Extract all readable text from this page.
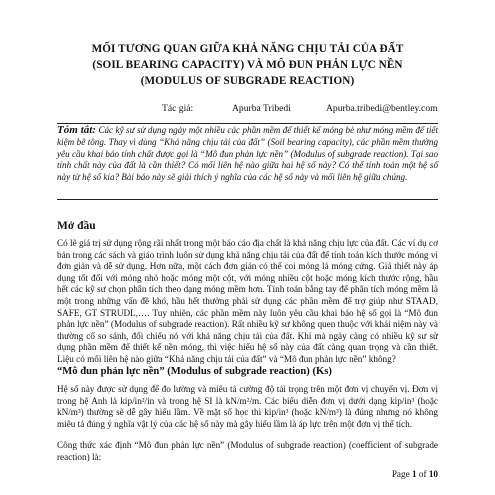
MỐI TƯƠNG QUAN GIỮA KHẢ NĂNG CHỊU TẢI CỦA ĐẤT
(SOIL BEARING CAPACITY) VÀ MÔ ĐUN PHẢN LỰC NỀN
(MODULUS OF SUBGRADE REACTION)
Tác giả:	Apurba Tribedi	Apurba.tribedi@bentley.com
Tóm tắt: Các kỹ sư sử dụng ngày một nhiều các phần mềm để thiết kế móng bè như móng mềm để tiết kiệm bê tông. Thay vì dùng “Khả năng chịu tải của đất” (Soil bearing capacity), các phần mềm thường yêu cầu khai báo tính chất được gọi là “Mô đun phản lực nền” (Modulus of subgrade reaction). Tại sao tính chất này của đất là cần thiết? Có mối liên hệ nào giữa hai hệ số này? Có thể tính toán một hệ số này từ hệ số kia? Bài báo này sẽ giải thích ý nghĩa của các hệ số này và mối liên hệ giữa chúng.
Mở đầu
Có lẽ giá trị sử dụng rộng rãi nhất trong một báo cáo địa chất là khả năng chịu lực của đất. Các ví dụ cơ bản trong các sách và giáo trình luôn sử dụng khả năng chịu tải của đất để tính toán kích thước móng vì đơn giản và dễ sử dụng. Hơn nữa, một cách đơn giản có thể coi móng là móng cứng. Giả thiết này áp dụng tốt đối với móng nhỏ hoặc móng một cột, với móng nhiều cột hoặc móng kích thước rộng, hầu hết các kỹ sư chọn phân tích theo dạng móng mềm hơn. Tính toán bằng tay để phân tích móng mềm là một trong những vấn đề khó, hầu hết thường phải sử dụng các phần mềm để trợ giúp như STAAD, SAFE, GT STRUDL,…. Tuy nhiên, các phần mềm này luôn yêu cầu khai báo hệ số gọi là “Mô đun phản lực nền” (Modulus of subgrade reaction). Rất nhiều kỹ sư không quen thuộc với khái niệm này và thường cố so sánh, đối chiếu nó với khả năng chịu tải của đất. Khi mà ngày càng có nhiều kỹ sư sử dụng phần mềm để thiết kế nền móng, thì việc hiểu hệ số này của đất càng quan trọng và cần thiết. Liệu có mối liên hệ nào giữa “Khả năng chịu tải của đất” và “Mô đun phản lực nền” không?
“Mô đun phản lực nền” (Modulus of subgrade reaction) (Ks)
Hệ số này được sử dụng để đo lường và miêu tả cường độ tải trọng trên một đơn vị chuyển vị. Đơn vị trong hệ Anh là kip/in²/in và trong hệ SI là kN/m²/m. Các biểu diễn đơn vị dưới dạng kip/in³ (hoặc kN/m³) thường sẽ dễ gây hiểu lầm. Về mặt số học thì kip/in³ (hoặc kN/m³) là đúng nhưng nó không miêu tả đúng ý nghĩa vật lý của các hệ số này mà gây hiểu lầm là áp lực trên một đơn vị thể tích.
Công thức xác định “Mô đun phản lực nền” (Modulus of subgrade reaction) (coefficient of subgrade reaction) là:
Page 1 of 10
